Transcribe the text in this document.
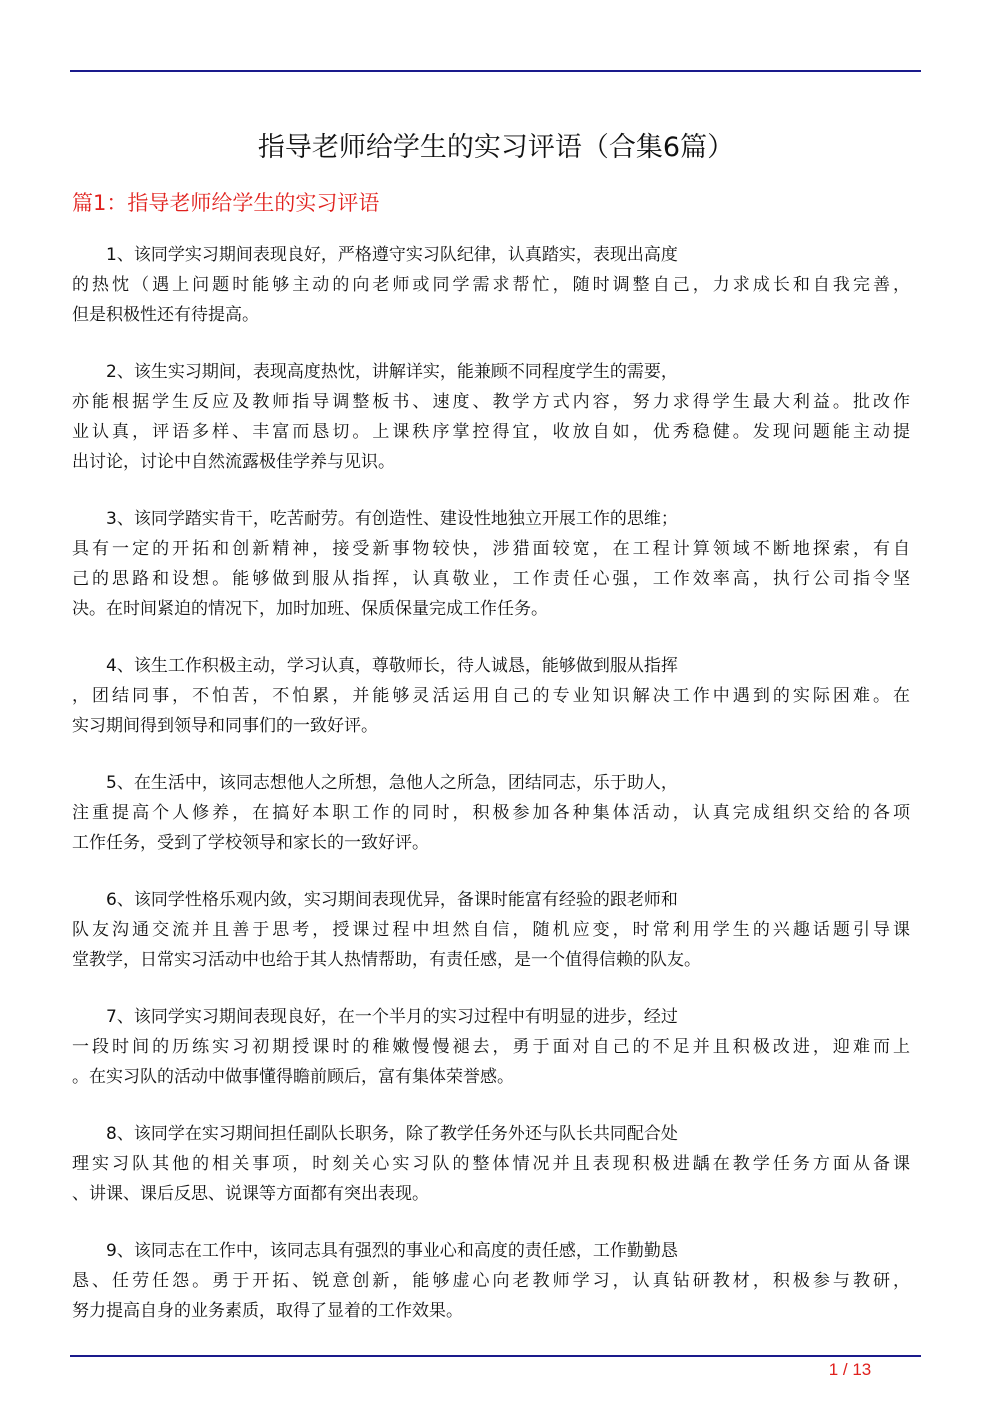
指导老师给学生的实习评语（合集6篇）
篇1：指导老师给学生的实习评语
1、该同学实习期间表现良好，严格遵守实习队纪律，认真踏实，表现出高度
的热忱（遇上问题时能够主动的向老师或同学需求帮忙，随时调整自己，力求成长和自我完善，
但是积极性还有待提高。
2、该生实习期间，表现高度热忱，讲解详实，能兼顾不同程度学生的需要，
亦能根据学生反应及教师指导调整板书、速度、教学方式内容，努力求得学生最大利益。批改作
业认真，评语多样、丰富而恳切。上课秩序掌控得宜，收放自如，优秀稳健。发现问题能主动提
出讨论，讨论中自然流露极佳学养与见识。
3、该同学踏实肯干，吃苦耐劳。有创造性、建设性地独立开展工作的思维；
具有一定的开拓和创新精神，接受新事物较快，涉猎面较宽，在工程计算领域不断地探索，有自
己的思路和设想。能够做到服从指挥，认真敬业，工作责任心强，工作效率高，执行公司指令坚
决。在时间紧迫的情况下，加时加班、保质保量完成工作任务。
4、该生工作积极主动，学习认真，尊敬师长，待人诚恳，能够做到服从指挥
，团结同事，不怕苦，不怕累，并能够灵活运用自己的专业知识解决工作中遇到的实际困难。在
实习期间得到领导和同事们的一致好评。
5、在生活中，该同志想他人之所想，急他人之所急，团结同志，乐于助人，
注重提高个人修养，在搞好本职工作的同时，积极参加各种集体活动，认真完成组织交给的各项
工作任务，受到了学校领导和家长的一致好评。
6、该同学性格乐观内敛，实习期间表现优异，备课时能富有经验的跟老师和
队友沟通交流并且善于思考，授课过程中坦然自信，随机应变，时常利用学生的兴趣话题引导课
堂教学，日常实习活动中也给于其人热情帮助，有责任感，是一个值得信赖的队友。
7、该同学实习期间表现良好，在一个半月的实习过程中有明显的进步，经过
一段时间的历练实习初期授课时的稚嫩慢慢褪去，勇于面对自己的不足并且积极改进，迎难而上
。在实习队的活动中做事懂得瞻前顾后，富有集体荣誉感。
8、该同学在实习期间担任副队长职务，除了教学任务外还与队长共同配合处
理实习队其他的相关事项，时刻关心实习队的整体情况并且表现积极进龋在教学任务方面从备课
、讲课、课后反思、说课等方面都有突出表现。
9、该同志在工作中，该同志具有强烈的事业心和高度的责任感，工作勤勤恳
恳、任劳任怨。勇于开拓、锐意创新，能够虚心向老教师学习，认真钻研教材，积极参与教研，
努力提高自身的业务素质，取得了显着的工作效果。
1 / 13
